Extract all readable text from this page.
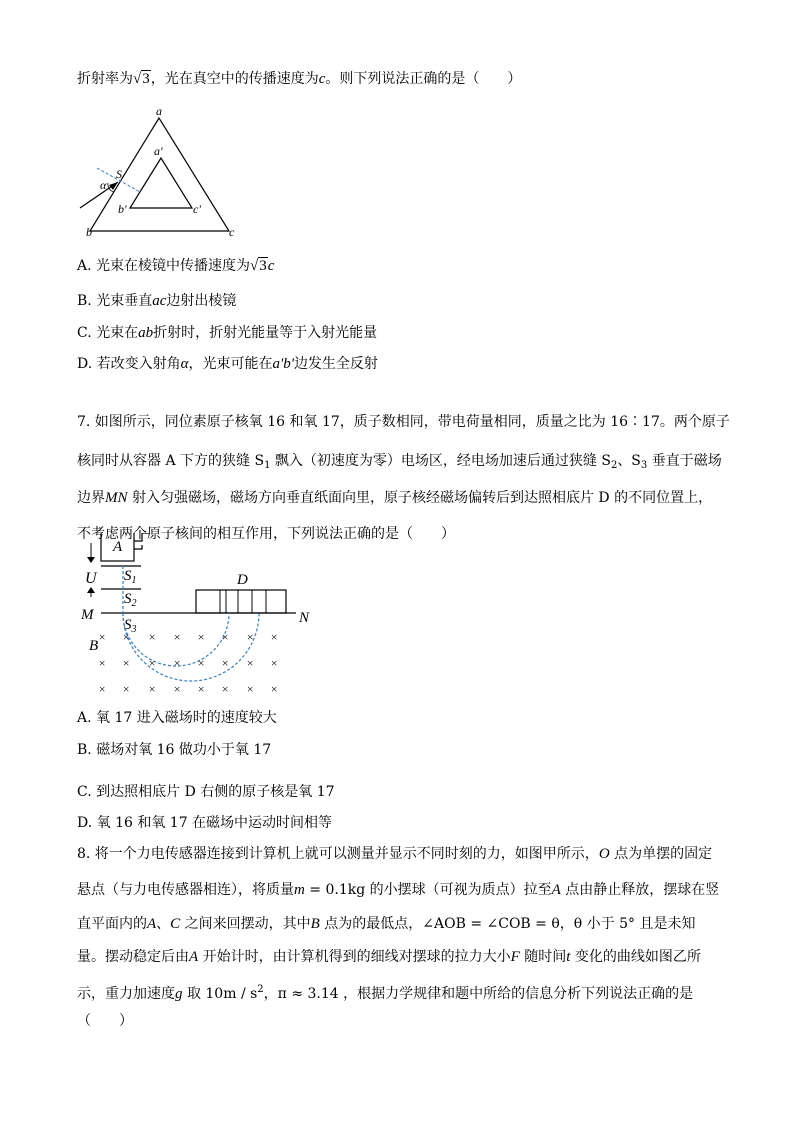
折射率为√3，光在真空中的传播速度为c。则下列说法正确的是（　　）
a
a'
S
α
b'	c'
b	c
A. 光束在棱镜中传播速度为√3c
B. 光束垂直ac边射出棱镜
C. 光束在ab折射时，折射光能量等于入射光能量
D. 若改变入射角α，光束可能在a'b'边发生全反射
7. 如图所示，同位素原子核氧 16 和氧 17，质子数相同，带电荷量相同，质量之比为 16∶17。两个原子
核同时从容器 A 下方的狭缝 $S_1$ 飘入（初速度为零）电场区，经电场加速后通过狭缝 $S_2$、$S_3$ 垂直于磁场
边界MN 射入匀强磁场，磁场方向垂直纸面向里，原子核经磁场偏转后到达照相底片 D 的不同位置上，
不考虑两个原子核间的相互作用，下列说法正确的是（　　）
A
U
M	N
$S_1$
$S_2$
$S_3$
B
D
× × × × × × × ×
× × × × × × × ×
× × × × × × × ×
A. 氧 17 进入磁场时的速度较大
B. 磁场对氧 16 做功小于氧 17
C. 到达照相底片 D 右侧的原子核是氧 17
D. 氧 16 和氧 17 在磁场中运动时间相等
8. 将一个力电传感器连接到计算机上就可以测量并显示不同时刻的力，如图甲所示，O 点为单摆的固定
悬点（与力电传感器相连），将质量m = 0.1kg 的小摆球（可视为质点）拉至A 点由静止释放，摆球在竖
直平面内的A、C 之间来回摆动，其中B 点为的最低点，∠AOB = ∠COB = θ，θ 小于 5° 且是未知
量。摆动稳定后由A 开始计时，由计算机得到的细线对摆球的拉力大小F 随时间t 变化的曲线如图乙所
示，重力加速度g 取 $10m / s^2$，π ≈ 3.14 ，根据力学规律和题中所给的信息分析下列说法正确的是
（　　）
